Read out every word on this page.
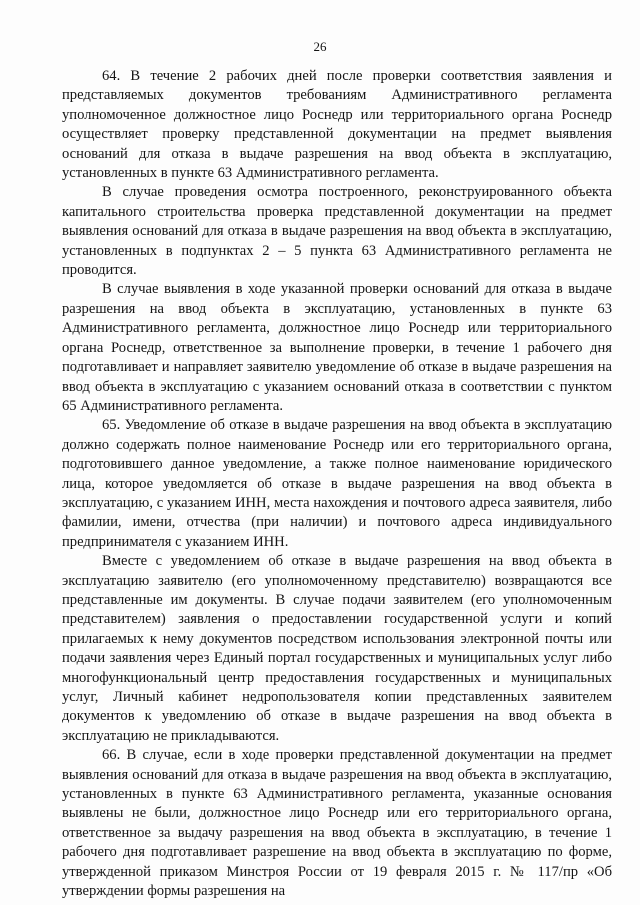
26

64. В течение 2 рабочих дней после проверки соответствия заявления и представляемых документов требованиям Административного регламента уполномоченное должностное лицо Роснедр или территориального органа Роснедр осуществляет проверку представленной документации на предмет выявления оснований для отказа в выдаче разрешения на ввод объекта в эксплуатацию, установленных в пункте 63 Административного регламента.

В случае проведения осмотра построенного, реконструированного объекта капитального строительства проверка представленной документации на предмет выявления оснований для отказа в выдаче разрешения на ввод объекта в эксплуатацию, установленных в подпунктах 2 – 5 пункта 63 Административного регламента не проводится.

В случае выявления в ходе указанной проверки оснований для отказа в выдаче разрешения на ввод объекта в эксплуатацию, установленных в пункте 63 Административного регламента, должностное лицо Роснедр или территориального органа Роснедр, ответственное за выполнение проверки, в течение 1 рабочего дня подготавливает и направляет заявителю уведомление об отказе в выдаче разрешения на ввод объекта в эксплуатацию с указанием оснований отказа в соответствии с пунктом 65 Административного регламента.

65. Уведомление об отказе в выдаче разрешения на ввод объекта в эксплуатацию должно содержать полное наименование Роснедр или его территориального органа, подготовившего данное уведомление, а также полное наименование юридического лица, которое уведомляется об отказе в выдаче разрешения на ввод объекта в эксплуатацию, с указанием ИНН, места нахождения и почтового адреса заявителя, либо фамилии, имени, отчества (при наличии) и почтового адреса индивидуального предпринимателя с указанием ИНН.

Вместе с уведомлением об отказе в выдаче разрешения на ввод объекта в эксплуатацию заявителю (его уполномоченному представителю) возвращаются все представленные им документы. В случае подачи заявителем (его уполномоченным представителем) заявления о предоставлении государственной услуги и копий прилагаемых к нему документов посредством использования электронной почты или подачи заявления через Единый портал государственных и муниципальных услуг либо многофункциональный центр предоставления государственных и муниципальных услуг, Личный кабинет недропользователя копии представленных заявителем документов к уведомлению об отказе в выдаче разрешения на ввод объекта в эксплуатацию не прикладываются.

66. В случае, если в ходе проверки представленной документации на предмет выявления оснований для отказа в выдаче разрешения на ввод объекта в эксплуатацию, установленных в пункте 63 Административного регламента, указанные основания выявлены не были, должностное лицо Роснедр или его территориального органа, ответственное за выдачу разрешения на ввод объекта в эксплуатацию, в течение 1 рабочего дня подготавливает разрешение на ввод объекта в эксплуатацию по форме, утвержденной приказом Минстроя России от 19 февраля 2015 г. № 117/пр «Об утверждении формы разрешения на
